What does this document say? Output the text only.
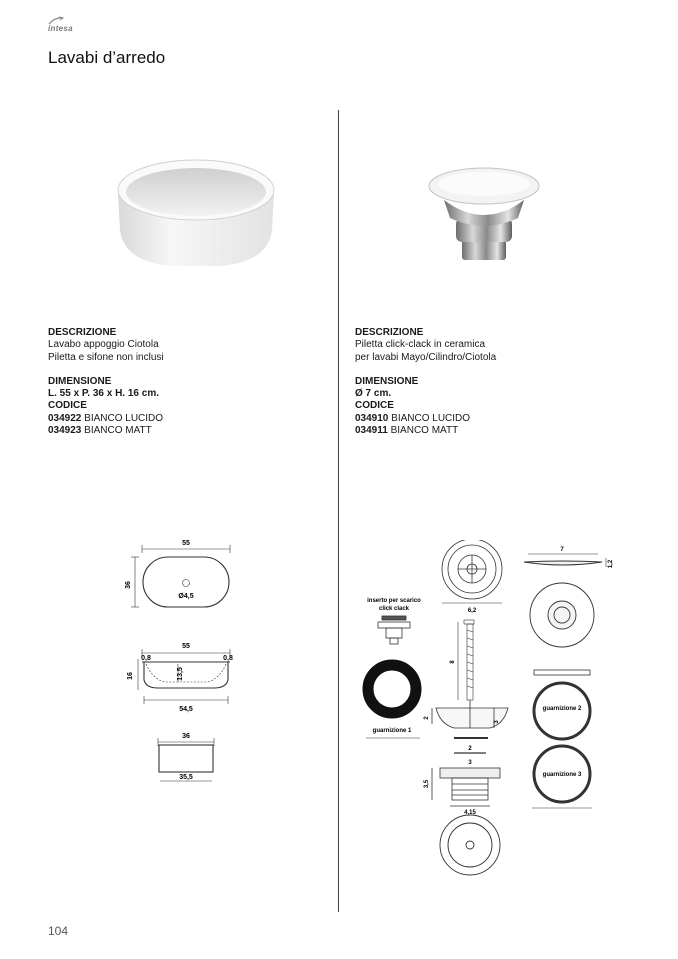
intesa
Lavabi d’arredo
DESCRIZIONE
Lavabo appoggio Ciotola
Piletta e sifone non inclusi
DIMENSIONE
L. 55 x P. 36 x H. 16 cm.
CODICE
034922 BIANCO LUCIDO
034923 BIANCO MATT
DESCRIZIONE
Piletta click-clack in ceramica
per lavabi Mayo/Cilindro/Ciotola
DIMENSIONE
Ø 7 cm.
CODICE
034910 BIANCO LUCIDO
034911 BIANCO MATT
55
36
Ø4,5
55
0,8	0,8
16	13,5
54,5
36
35,5
6,2
7
1,2
inserto per scarico
click clack
guarnizione 1
8
2
3
2
3
3,5
4,15
guarnizione 2
guarnizione 3
104
